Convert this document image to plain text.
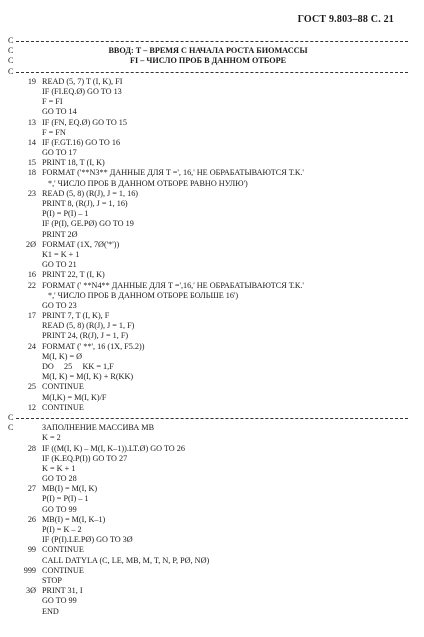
ГОСТ 9.803–88 С. 21
C
C	ВВОД: Т – ВРЕМЯ С НАЧАЛА РОСТА БИОМАССЫ
C	FI – ЧИСЛО ПРОБ В ДАННОМ ОТБОРЕ
C
19 READ (5, 7) T (I, K), FI
IF (FI.EQ.Ø) GO TO 13
F = FI
GO TO 14
13 IF (FN, EQ.Ø) GO TO 15
F = FN
14 IF (F.GT.16) GO TO 16
GO TO 17
15 PRINT 18, T (I, K)
18 FORMAT ('**N3** ДАННЫЕ ДЛЯ T =', 16,' НЕ ОБРАБАТЫВАЮТСЯ Т.К.'
*,' ЧИСЛО ПРОБ В ДАННОМ ОТБОРЕ РАВНО НУЛЮ')
23 READ (5, 8) (R(J), J = 1, 16)
PRINT 8, (R(J), J = 1, 16)
P(I) = P(I) – 1
IF (P(I), GE.PØ) GO TO 19
PRINT 2Ø
2Ø FORMAT (1X, 7Ø('*'))
K1 = K + 1
GO TO 21
16 PRINT 22, T (I, K)
22 FORMAT (' **N4** ДАННЫЕ ДЛЯ T =',16,' НЕ ОБРАБАТЫВАЮТСЯ Т.К.'
*,' ЧИСЛО ПРОБ В ДАННОМ ОТБОРЕ БОЛЬШЕ 16')
GO TO 23
17 PRINT 7, T (I, K), F
READ (5, 8) (R(J), J = 1, F)
PRINT 24, (R(J), J = 1, F)
24 FORMAT (' **', 16 (1X, F5.2))
M(I, K) = Ø
DO     25     KK = 1,F
M(I, K) = M(I, K) + R(KK)
25 CONTINUE
M(I,K) = M(I, K)/F
12 CONTINUE
C
C	ЗАПОЛНЕНИЕ МАССИВА MB
K = 2
28 IF ((M(I, K) – M(I, K–1)).LT.Ø) GO TO 26
IF (K.EQ.P(I)) GO TO 27
K = K + 1
GO TO 28
27 MB(I) = M(I, K)
P(I) = P(I) – 1
GO TO 99
26 MB(I) = M(I, K–1)
P(I) = K – 2
IF (P(I).LE.PØ) GO TO 3Ø
99 CONTINUE
CALL DATYLA (C, LE, MB, M, T, N, P, PØ, NØ)
999 CONTINUE
STOP
3Ø PRINT 31, I
GO TO 99
END
